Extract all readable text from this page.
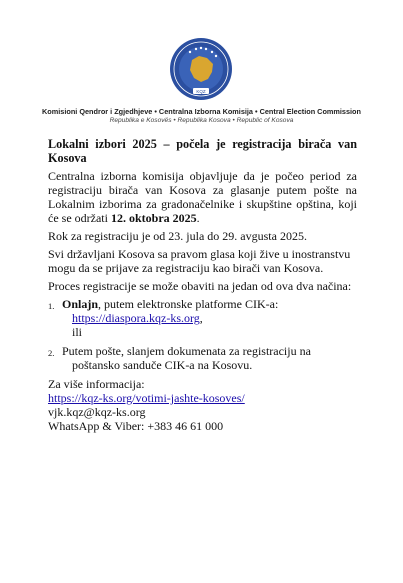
KQZ
Komisioni Qendror i Zgjedhjeve • Centralna Izborna Komisija • Central Election Commission
Republika e Kosovës • Republika Kosova • Republic of Kosova

Lokalni izbori 2025 – počela je registracija birača van Kosova

Centralna izborna komisija objavljuje da je počeo period za registraciju birača van Kosova za glasanje putem pošte na Lokalnim izborima za gradonačelnike i skupštine opština, koji će se održati 12. oktobra 2025.

Rok za registraciju je od 23. jula do 29. avgusta 2025.

Svi državljani Kosova sa pravom glasa koji žive u inostranstvu mogu da se prijave za registraciju kao birači van Kosova.

Proces registracije se može obaviti na jedan od ova dva načina:

1. Onlajn, putem elektronske platforme CIK-a:

https://diaspora.kqz-ks.org,
ili
2. Putem pošte, slanjem dokumenata za registraciju na

poštansko sanduče CIK-a na Kosovu.

Za više informacija:

https://kqz-ks.org/votimi-jashte-kosoves/

vjk.kqz@kqz-ks.org

WhatsApp & Viber: +383 46 61 000
